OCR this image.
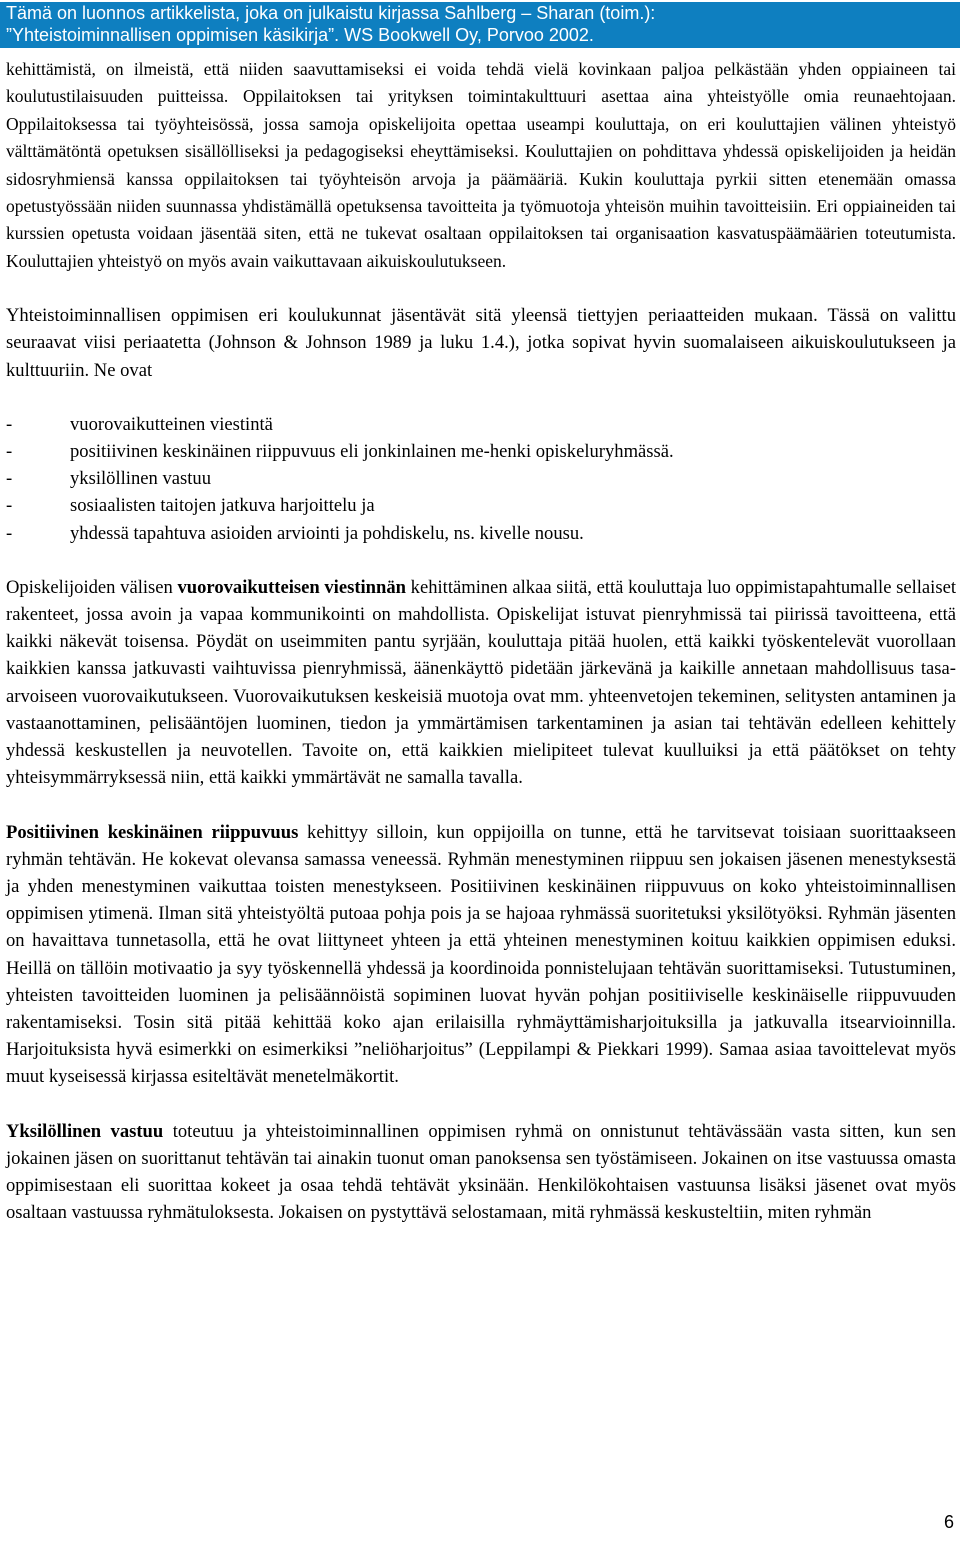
Tämä on luonnos artikkelista, joka on julkaistu kirjassa Sahlberg – Sharan (toim.):
”Yhteistoiminnallisen oppimisen käsikirja”. WS Bookwell Oy, Porvoo 2002.

kehittämistä, on ilmeistä, että niiden saavuttamiseksi ei voida tehdä vielä kovinkaan paljoa pelkästään yhden oppiaineen tai koulutustilaisuuden puitteissa. Oppilaitoksen tai yrityksen toimintakulttuuri asettaa aina yhteistyölle omia reunaehtojaan. Oppilaitoksessa tai työyhteisössä, jossa samoja opiskelijoita opettaa useampi kouluttaja, on eri kouluttajien välinen yhteistyö välttämätöntä opetuksen sisällölliseksi ja pedagogiseksi eheyttämiseksi. Kouluttajien on pohdittava yhdessä opiskelijoiden ja heidän sidosryhmiensä kanssa oppilaitoksen tai työyhteisön arvoja ja päämääriä. Kukin kouluttaja pyrkii sitten etenemään omassa opetustyössään niiden suunnassa yhdistämällä opetuksensa tavoitteita ja työmuotoja yhteisön muihin tavoitteisiin. Eri oppiaineiden tai kurssien opetusta voidaan jäsentää siten, että ne tukevat osaltaan oppilaitoksen tai organisaation kasvatuspäämäärien toteutumista. Kouluttajien yhteistyö on myös avain vaikuttavaan aikuiskoulutukseen.

Yhteistoiminnallisen oppimisen eri koulukunnat jäsentävät sitä yleensä tiettyjen periaatteiden mukaan. Tässä on valittu seuraavat viisi periaatetta (Johnson & Johnson 1989 ja luku 1.4.), jotka sopivat hyvin suomalaiseen aikuiskoulutukseen ja kulttuuriin. Ne ovat

-	vuorovaikutteinen viestintä
-	positiivinen keskinäinen riippuvuus eli jonkinlainen me-henki opiskeluryhmässä.
-	yksilöllinen vastuu
-	sosiaalisten taitojen jatkuva harjoittelu ja
-	yhdessä tapahtuva asioiden arviointi ja pohdiskelu, ns. kivelle nousu.

Opiskelijoiden välisen vuorovaikutteisen viestinnän kehittäminen alkaa siitä, että kouluttaja luo oppimistapahtumalle sellaiset rakenteet, jossa avoin ja vapaa kommunikointi on mahdollista. Opiskelijat istuvat pienryhmissä tai piirissä tavoitteena, että kaikki näkevät toisensa. Pöydät on useimmiten pantu syrjään, kouluttaja pitää huolen, että kaikki työskentelevät vuorollaan kaikkien kanssa jatkuvasti vaihtuvissa pienryhmissä, äänenkäyttö pidetään järkevänä ja kaikille annetaan mahdollisuus tasa-arvoiseen vuorovaikutukseen. Vuorovaikutuksen keskeisiä muotoja ovat mm. yhteenvetojen tekeminen, selitysten antaminen ja vastaanottaminen, pelisääntöjen luominen, tiedon ja ymmärtämisen tarkentaminen ja asian tai tehtävän edelleen kehittely yhdessä keskustellen ja neuvotellen. Tavoite on, että kaikkien mielipiteet tulevat kuulluiksi ja että päätökset on tehty yhteisymmärryksessä niin, että kaikki ymmärtävät ne samalla tavalla.

Positiivinen keskinäinen riippuvuus kehittyy silloin, kun oppijoilla on tunne, että he tarvitsevat toisiaan suorittaakseen ryhmän tehtävän. He kokevat olevansa samassa veneessä. Ryhmän menestyminen riippuu sen jokaisen jäsenen menestyksestä ja yhden menestyminen vaikuttaa toisten menestykseen. Positiivinen keskinäinen riippuvuus on koko yhteistoiminnallisen oppimisen ytimenä. Ilman sitä yhteistyöltä putoaa pohja pois ja se hajoaa ryhmässä suoritetuksi yksilötyöksi. Ryhmän jäsenten on havaittava tunnetasolla, että he ovat liittyneet yhteen ja että yhteinen menestyminen koituu kaikkien oppimisen eduksi. Heillä on tällöin motivaatio ja syy työskennellä yhdessä ja koordinoida ponnistelujaan tehtävän suorittamiseksi. Tutustuminen, yhteisten tavoitteiden luominen ja pelisäännöistä sopiminen luovat hyvän pohjan positiiviselle keskinäiselle riippuvuuden rakentamiseksi. Tosin sitä pitää kehittää koko ajan erilaisilla ryhmäyttämisharjoituksilla ja jatkuvalla itsearvioinnilla. Harjoituksista hyvä esimerkki on esimerkiksi ”neliöharjoitus” (Leppilampi & Piekkari 1999). Samaa asiaa tavoittelevat myös muut kyseisessä kirjassa esiteltävät menetelmäkortit.

Yksilöllinen vastuu toteutuu ja yhteistoiminnallinen oppimisen ryhmä on onnistunut tehtävässään vasta sitten, kun sen jokainen jäsen on suorittanut tehtävän tai ainakin tuonut oman panoksensa sen työstämiseen. Jokainen on itse vastuussa omasta oppimisestaan eli suorittaa kokeet ja osaa tehdä tehtävät yksinään. Henkilökohtaisen vastuunsa lisäksi jäsenet ovat myös osaltaan vastuussa ryhmätuloksesta. Jokaisen on pystyttävä selostamaan, mitä ryhmässä keskusteltiin, miten ryhmän

6
